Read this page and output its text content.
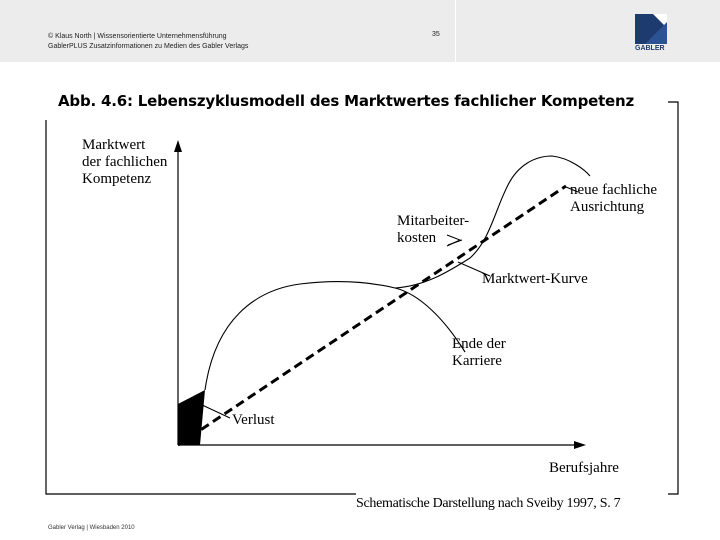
© Klaus North | Wissensorientierte Unternehmensführung
GablerPLUS Zusatzinformationen zu Medien des Gabler Verlags
35
GABLER
Abb. 4.6: Lebenszyklusmodell des Marktwertes fachlicher Kompetenz
Marktwert
der fachlichen
Kompetenz
Mitarbeiter-
kosten
neue fachliche
Ausrichtung
Marktwert-Kurve
Ende der
Karriere
Verlust
Berufsjahre
Schematische Darstellung nach Sveiby 1997, S. 7
Gabler Verlag | Wiesbaden 2010
